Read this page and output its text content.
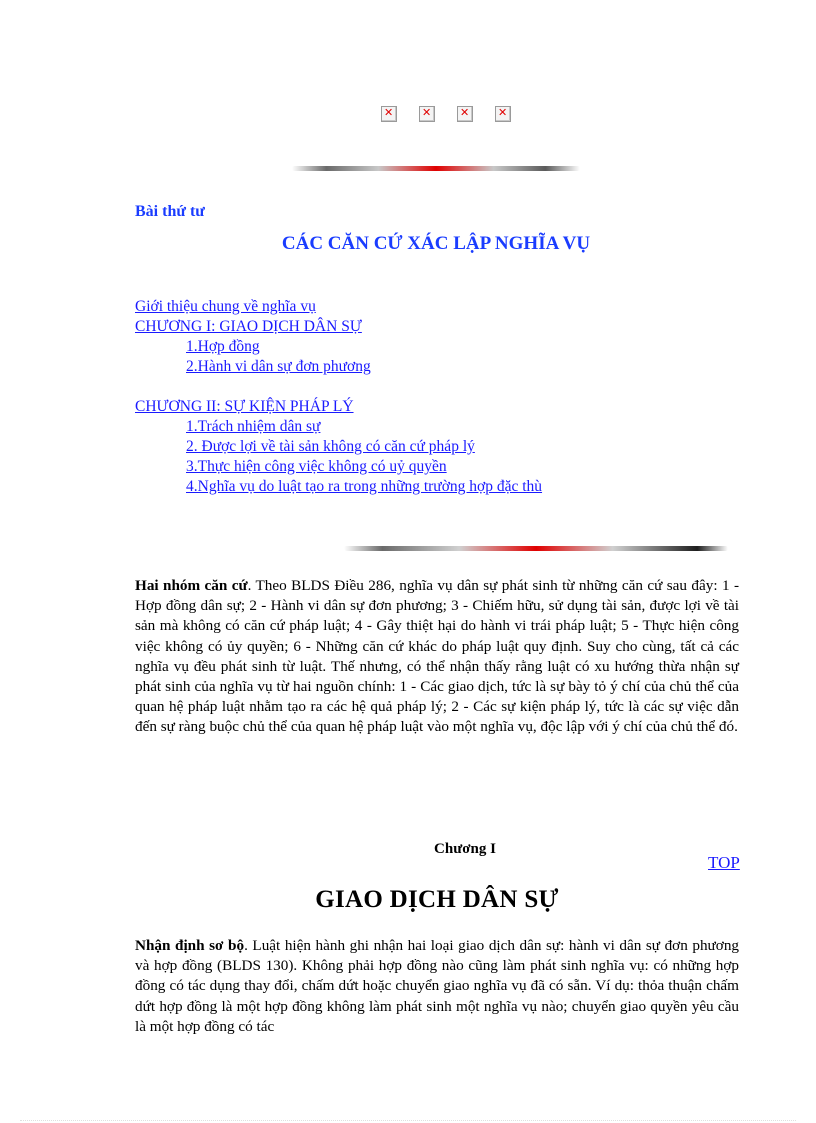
✕
✕
✕
✕
Bài thứ tư
CÁC CĂN CỨ XÁC LẬP NGHĨA VỤ
Giới thiệu chung về nghĩa vụ
CHƯƠNG I: GIAO DỊCH DÂN SỰ
1.Hợp đồng
2.Hành vi dân sự đơn phương
CHƯƠNG II: SỰ KIỆN PHÁP LÝ
1.Trách nhiệm dân sự
2. Được lợi về tài sản không có căn cứ pháp lý
3.Thực hiện công việc không có uỷ quyền
4.Nghĩa vụ do luật tạo ra trong những trường hợp đặc thù
Hai nhóm căn cứ. Theo BLDS Điều 286, nghĩa vụ dân sự phát sinh từ những căn cứ sau đây: 1 - Hợp đồng dân sự; 2 - Hành vi dân sự đơn phương; 3 - Chiếm hữu, sử dụng tài sản, được lợi về tài sản mà không có căn cứ pháp luật; 4 - Gây thiệt hại do hành vi trái pháp luật; 5 - Thực hiện công việc không có ủy quyền; 6 - Những căn cứ khác do pháp luật quy định. Suy cho cùng, tất cả các nghĩa vụ đều phát sinh từ luật. Thế nhưng, có thể nhận thấy rằng luật có xu hướng thừa nhận sự phát sinh của nghĩa vụ từ hai nguồn chính: 1 - Các giao dịch, tức là sự bày tỏ ý chí của chủ thể của quan hệ pháp luật nhằm tạo ra các hệ quả pháp lý; 2 - Các sự kiện pháp lý, tức là các sự việc dẫn đến sự ràng buộc chủ thể của quan hệ pháp luật vào một nghĩa vụ, độc lập với ý chí của chủ thể đó.
Chương I
TOP
GIAO DỊCH DÂN SỰ
Nhận định sơ bộ. Luật hiện hành ghi nhận hai loại giao dịch dân sự: hành vi dân sự đơn phương và hợp đồng (BLDS 130). Không phải hợp đồng nào cũng làm phát sinh nghĩa vụ: có những hợp đồng có tác dụng thay đổi, chấm dứt hoặc chuyển giao nghĩa vụ đã có sẵn. Ví dụ: thỏa thuận chấm dứt hợp đồng là một hợp đồng không làm phát sinh một nghĩa vụ nào; chuyển giao quyền yêu cầu là một hợp đồng có tác
